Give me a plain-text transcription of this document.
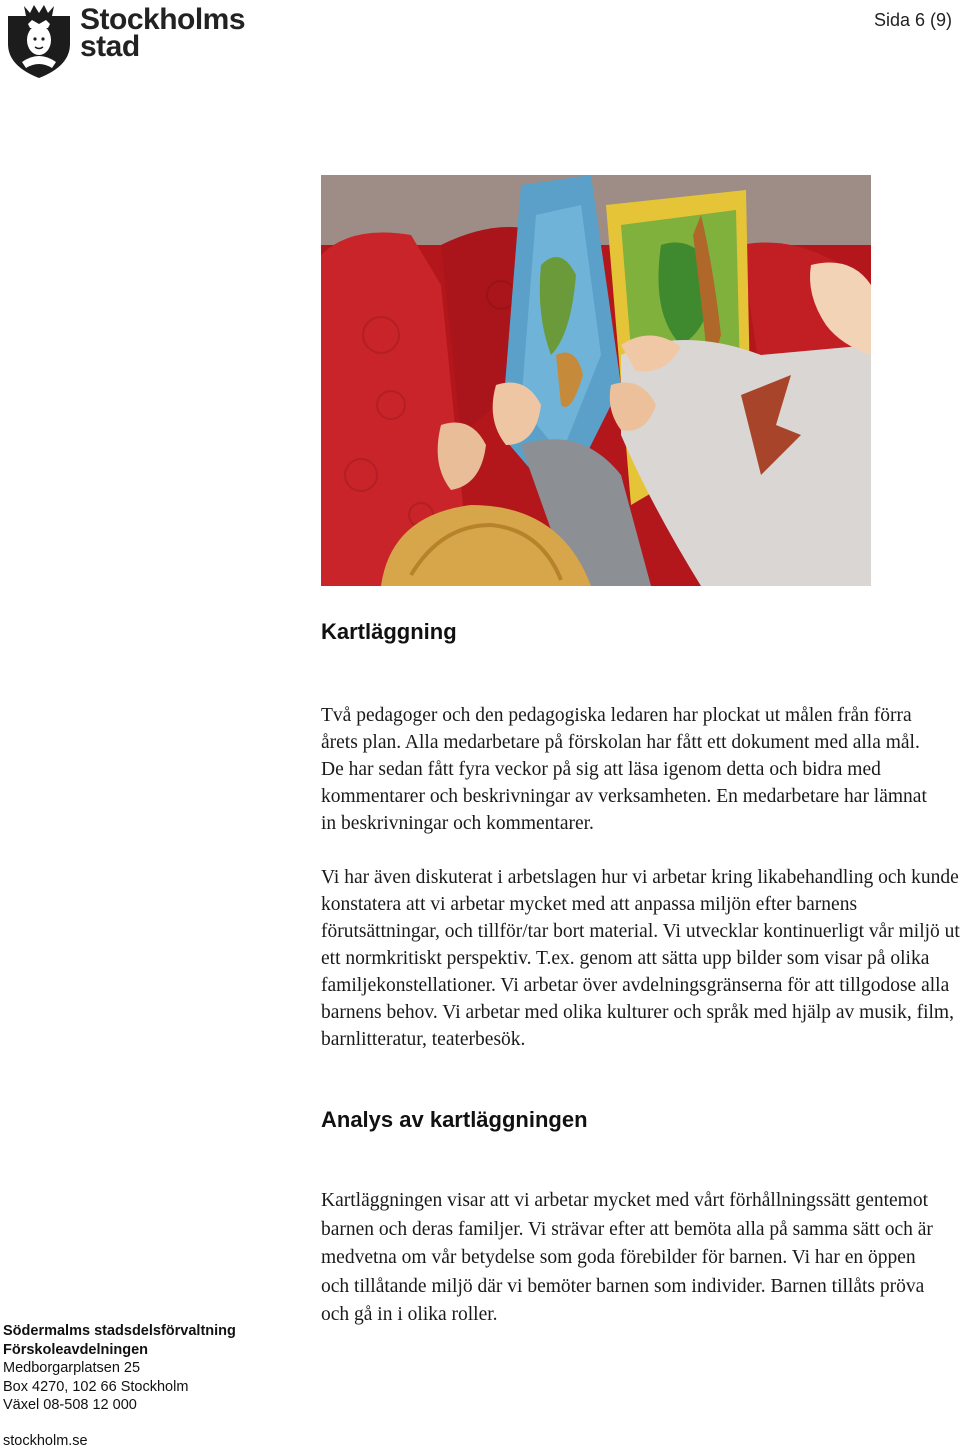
Stockholms
stad
Sida 6 (9)
Kartläggning

Två pedagoger och den pedagogiska ledaren har plockat ut målen från förra årets plan. Alla medarbetare på förskolan har fått ett dokument med alla mål. De har sedan fått fyra veckor på sig att läsa igenom detta och bidra med kommentarer och beskrivningar av verksamheten. En medarbetare har lämnat in beskrivningar och kommentarer.

Vi har även diskuterat i arbetslagen hur vi arbetar kring likabehandling och kunde konstatera att vi arbetar mycket med att anpassa miljön efter barnens förutsättningar, och tillför/tar bort material. Vi utvecklar kontinuerligt vår miljö ut ett normkritiskt perspektiv. T.ex. genom att sätta upp bilder som visar på olika familjekonstellationer. Vi arbetar över avdelningsgränserna för att tillgodose alla barnens behov. Vi arbetar med olika kulturer och språk med hjälp av musik, film, barnlitteratur, teaterbesök.

Analys av kartläggningen

Kartläggningen visar att vi arbetar mycket med vårt förhållningssätt gentemot barnen och deras familjer. Vi strävar efter att bemöta alla på samma sätt och är medvetna om vår betydelse som goda förebilder för barnen. Vi har en öppen och tillåtande miljö där vi bemöter barnen som individer. Barnen tillåts pröva och gå in i olika roller.

Södermalms stadsdelsförvaltning
Förskoleavdelningen
Medborgarplatsen 25
Box 4270, 102 66 Stockholm
Växel 08-508 12 000
stockholm.se
